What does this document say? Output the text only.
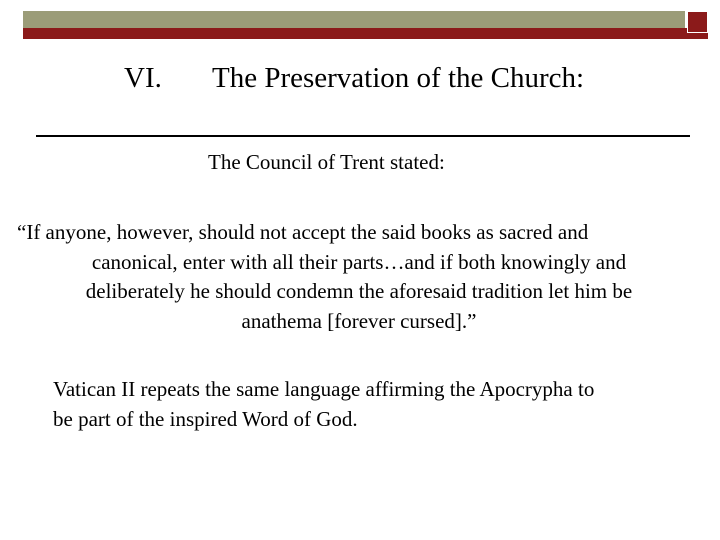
VI. The Preservation of the Church:
The Council of Trent stated:
“If anyone, however, should not accept the said books as sacred and
canonical, enter with all their parts…and if both knowingly and
deliberately he should condemn the aforesaid tradition let him be
anathema [forever cursed].”
Vatican II repeats the same language affirming the Apocrypha to
be part of the inspired Word of God.
